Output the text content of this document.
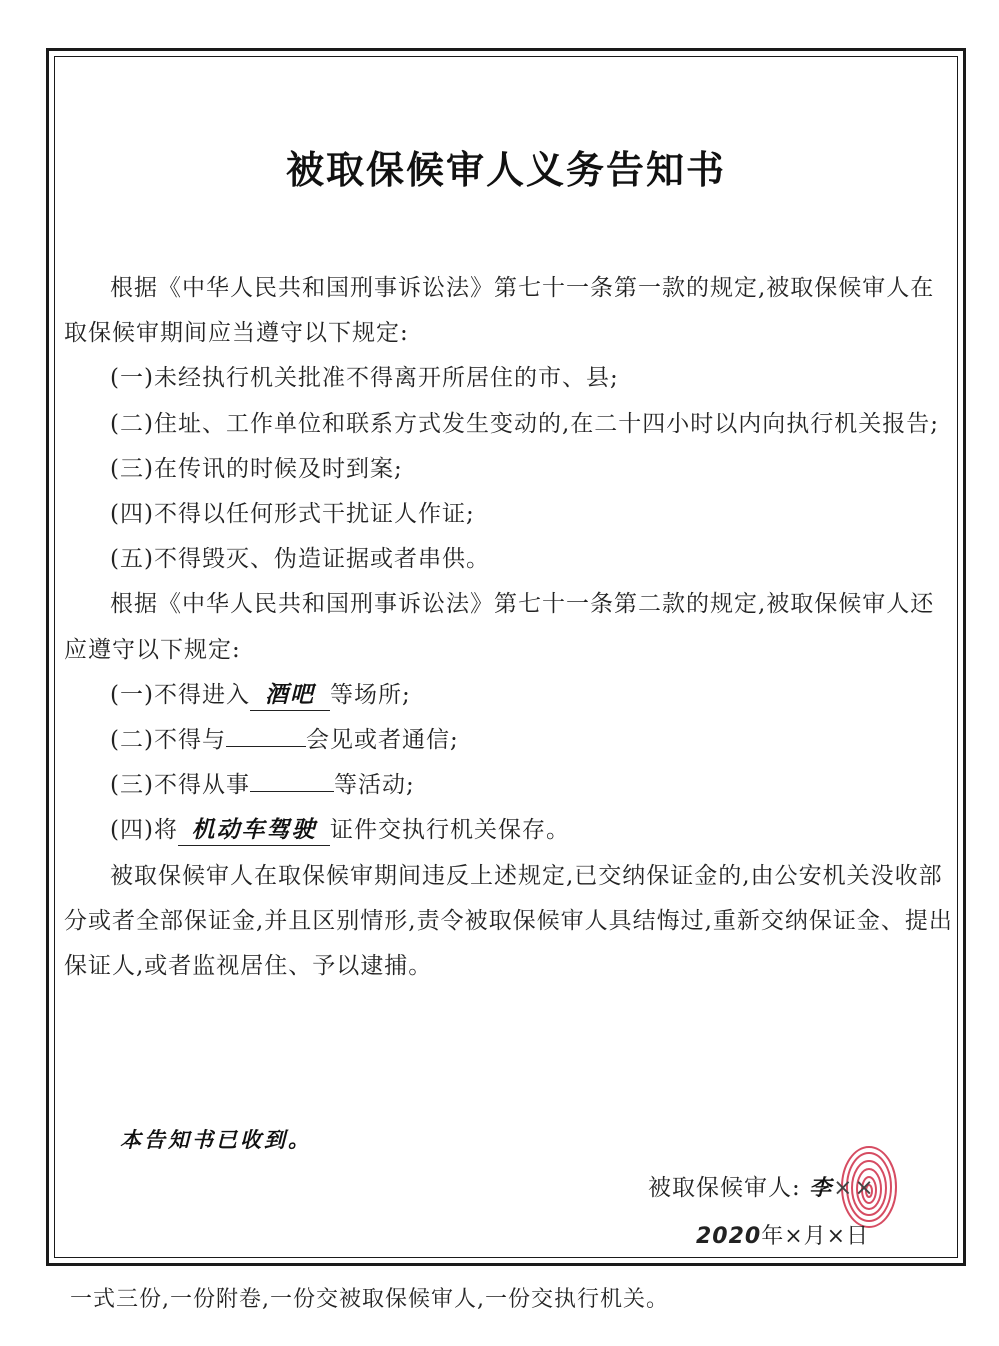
被取保候审人义务告知书

根据《中华人民共和国刑事诉讼法》第七十一条第一款的规定,被取保候审人在取保候审期间应当遵守以下规定:

(一)未经执行机关批准不得离开所居住的市、县;

(二)住址、工作单位和联系方式发生变动的,在二十四小时以内向执行机关报告;

(三)在传讯的时候及时到案;

(四)不得以任何形式干扰证人作证;

(五)不得毁灭、伪造证据或者串供。

根据《中华人民共和国刑事诉讼法》第七十一条第二款的规定,被取保候审人还应遵守以下规定:

(一)不得进入 酒吧 等场所;

(二)不得与	会见或者通信;

(三)不得从事	等活动;

(四)将 机动车驾驶 证件交执行机关保存。

被取保候审人在取保候审期间违反上述规定,已交纳保证金的,由公安机关没收部分或者全部保证金,并且区别情形,责令被取保候审人具结悔过,重新交纳保证金、提出保证人,或者监视居住、予以逮捕。

本告知书已收到。
被取保候审人: 李××
2020年×月×日
一式三份,一份附卷,一份交被取保候审人,一份交执行机关。
